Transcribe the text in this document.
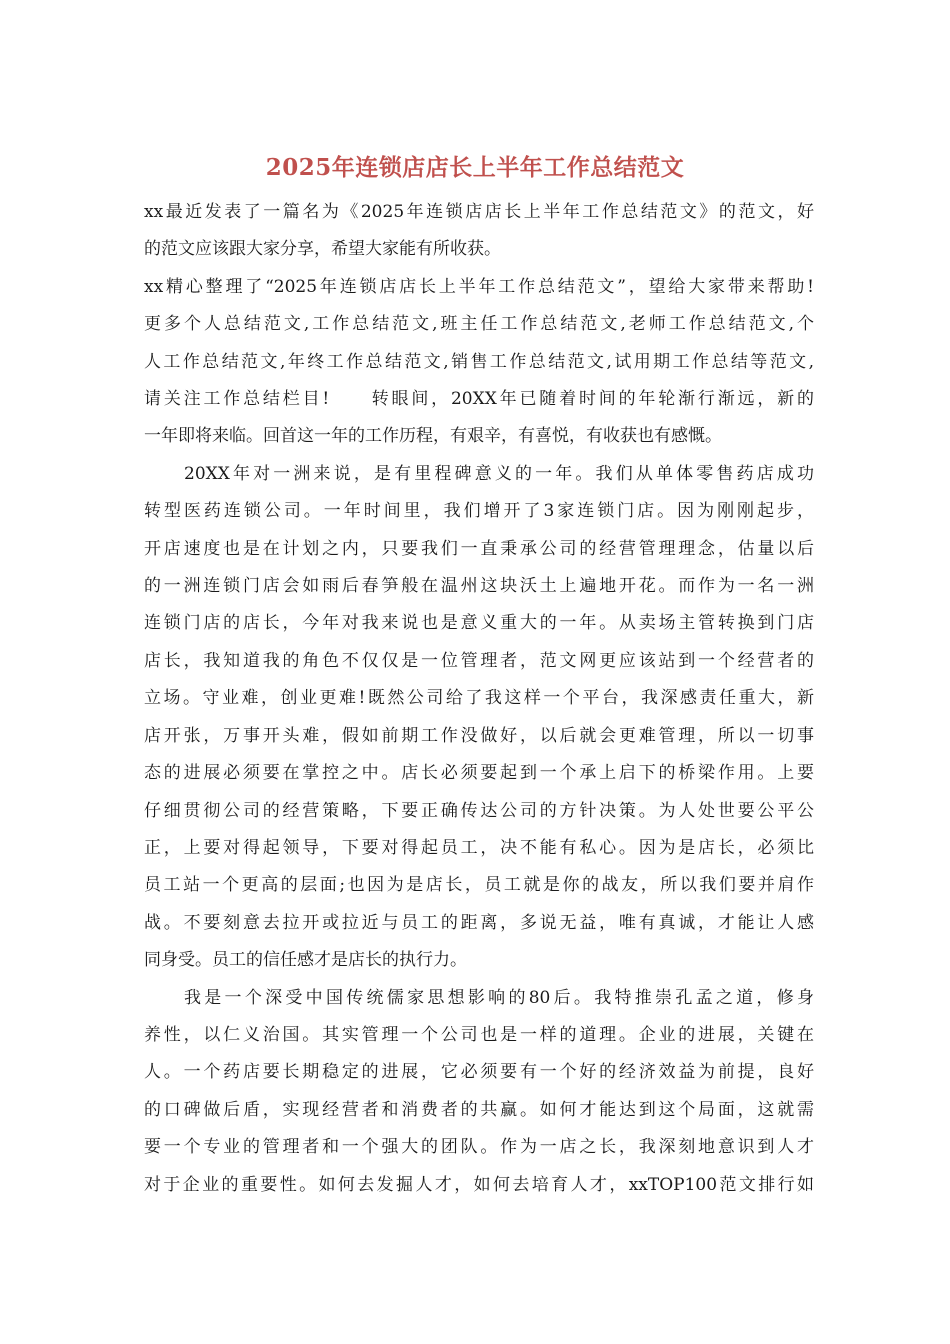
2025年连锁店店长上半年工作总结范文
xx最近发表了一篇名为《2025年连锁店店长上半年工作总结范文》的范文，好
的范文应该跟大家分享，希望大家能有所收获。
xx精心整理了“2025年连锁店店长上半年工作总结范文”，望给大家带来帮助!
更多个人总结范文,工作总结范文,班主任工作总结范文,老师工作总结范文,个
人工作总结范文,年终工作总结范文,销售工作总结范文,试用期工作总结等范文,
请关注工作总结栏目!　　转眼间，20XX年已随着时间的年轮渐行渐远，新的
一年即将来临。回首这一年的工作历程，有艰辛，有喜悦，有收获也有感慨。
20XX年对一洲来说，是有里程碑意义的一年。我们从单体零售药店成功
转型医药连锁公司。一年时间里，我们增开了3家连锁门店。因为刚刚起步，
开店速度也是在计划之内，只要我们一直秉承公司的经营管理理念，估量以后
的一洲连锁门店会如雨后春笋般在温州这块沃土上遍地开花。而作为一名一洲
连锁门店的店长，今年对我来说也是意义重大的一年。从卖场主管转换到门店
店长，我知道我的角色不仅仅是一位管理者，范文网更应该站到一个经营者的
立场。守业难，创业更难!既然公司给了我这样一个平台，我深感责任重大，新
店开张，万事开头难，假如前期工作没做好，以后就会更难管理，所以一切事
态的进展必须要在掌控之中。店长必须要起到一个承上启下的桥梁作用。上要
仔细贯彻公司的经营策略，下要正确传达公司的方针决策。为人处世要公平公
正，上要对得起领导，下要对得起员工，决不能有私心。因为是店长，必须比
员工站一个更高的层面;也因为是店长，员工就是你的战友，所以我们要并肩作
战。不要刻意去拉开或拉近与员工的距离，多说无益，唯有真诚，才能让人感
同身受。员工的信任感才是店长的执行力。
我是一个深受中国传统儒家思想影响的80后。我特推崇孔孟之道，修身
养性，以仁义治国。其实管理一个公司也是一样的道理。企业的进展，关键在
人。一个药店要长期稳定的进展，它必须要有一个好的经济效益为前提，良好
的口碑做后盾，实现经营者和消费者的共赢。如何才能达到这个局面，这就需
要一个专业的管理者和一个强大的团队。作为一店之长，我深刻地意识到人才
对于企业的重要性。如何去发掘人才，如何去培育人才，xxTOP100范文排行如
